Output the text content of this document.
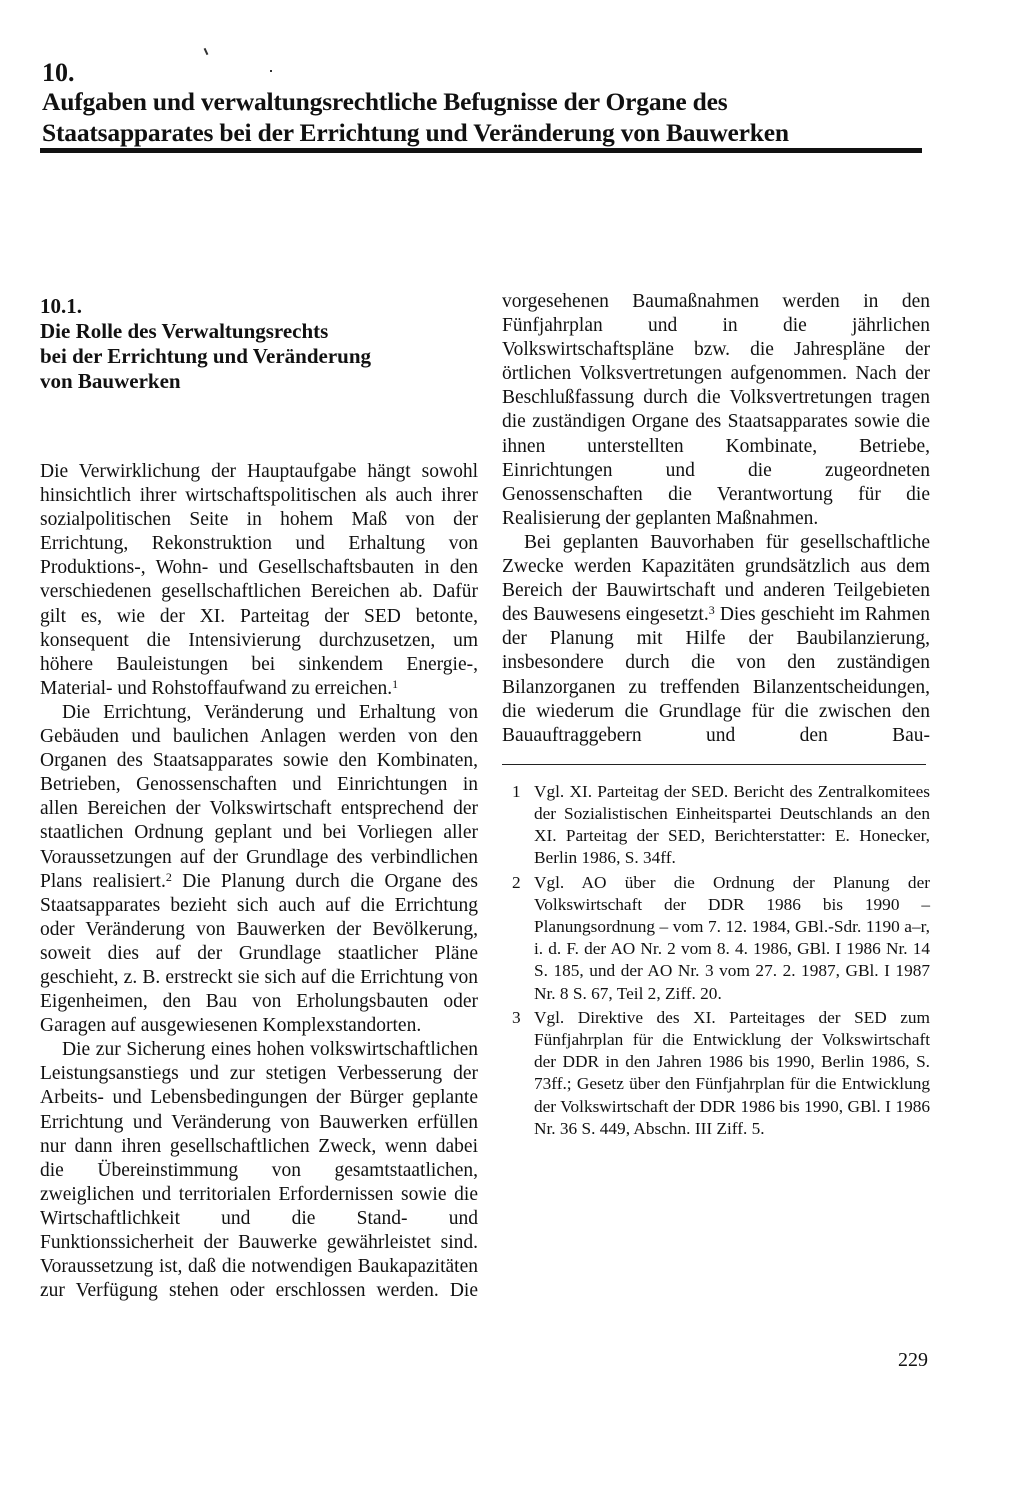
10.
Aufgaben und verwaltungsrechtliche Befugnisse der Organe des
Staatsapparates bei der Errichtung und Veränderung von Bauwerken
10.1.
Die Rolle des Verwaltungsrechts
bei der Errichtung und Veränderung
von Bauwerken

Die Verwirklichung der Hauptaufgabe hängt sowohl hinsichtlich ihrer wirtschaftspolitischen als auch ihrer sozialpolitischen Seite in hohem Maß von der Errichtung, Rekonstruktion und Erhaltung von Produktions-, Wohn- und Gesellschaftsbauten in den verschiedenen gesellschaftlichen Bereichen ab. Dafür gilt es, wie der XI. Parteitag der SED betonte, konsequent die Intensivierung durchzusetzen, um höhere Bauleistungen bei sinkendem Energie-, Material- und Rohstoffaufwand zu erreichen.$^1$

Die Errichtung, Veränderung und Erhaltung von Gebäuden und baulichen Anlagen werden von den Organen des Staatsapparates sowie den Kombinaten, Betrieben, Genossenschaften und Einrichtungen in allen Bereichen der Volkswirtschaft entsprechend der staatlichen Ordnung geplant und bei Vorliegen aller Voraussetzungen auf der Grundlage des verbindlichen Plans realisiert.$^2$ Die Planung durch die Organe des Staatsapparates bezieht sich auch auf die Errichtung oder Veränderung von Bauwerken der Bevölkerung, soweit dies auf der Grundlage staatlicher Pläne geschieht, z. B. erstreckt sie sich auf die Errichtung von Eigenheimen, den Bau von Erholungsbauten oder Garagen auf ausgewiesenen Komplexstandorten.

Die zur Sicherung eines hohen volkswirtschaftlichen Leistungsanstiegs und zur stetigen Verbesserung der Arbeits- und Lebensbedingungen der Bürger geplante Errichtung und Veränderung von Bauwerken erfüllen nur dann ihren gesellschaftlichen Zweck, wenn dabei die Übereinstimmung von gesamtstaatlichen, zweiglichen und territorialen Erfordernissen sowie die Wirtschaftlichkeit und die Stand- und Funktionssicherheit der Bauwerke gewährleistet sind. Voraussetzung ist, daß die notwendigen Baukapazitäten zur Verfügung stehen oder erschlossen werden. Die

vorgesehenen Baumaßnahmen werden in den Fünfjahrplan und in die jährlichen Volkswirtschaftspläne bzw. die Jahrespläne der örtlichen Volksvertretungen aufgenommen. Nach der Beschlußfassung durch die Volksvertretungen tragen die zuständigen Organe des Staatsapparates sowie die ihnen unterstellten Kombinate, Betriebe, Einrichtungen und die zugeordneten Genossenschaften die Verantwortung für die Realisierung der geplanten Maßnahmen.

Bei geplanten Bauvorhaben für gesellschaftliche Zwecke werden Kapazitäten grundsätzlich aus dem Bereich der Bauwirtschaft und anderen Teilgebieten des Bauwesens eingesetzt.$^3$ Dies geschieht im Rahmen der Planung mit Hilfe der Baubilanzierung, insbesondere durch die von den zuständigen Bilanzorganen zu treffenden Bilanzentscheidungen, die wiederum die Grundlage für die zwischen den Bauauftraggebern und den Bau-

1 Vgl. XI. Parteitag der SED. Bericht des Zentralkomitees der Sozialistischen Einheitspartei Deutschlands an den XI. Parteitag der SED, Berichterstatter: E. Honecker, Berlin 1986, S. 34ff.
2 Vgl. AO über die Ordnung der Planung der Volkswirtschaft der DDR 1986 bis 1990 – Planungsordnung – vom 7. 12. 1984, GBl.-Sdr. 1190 a–r, i. d. F. der AO Nr. 2 vom 8. 4. 1986, GBl. I 1986 Nr. 14 S. 185, und der AO Nr. 3 vom 27. 2. 1987, GBl. I 1987 Nr. 8 S. 67, Teil 2, Ziff. 20.
3 Vgl. Direktive des XI. Parteitages der SED zum Fünfjahrplan für die Entwicklung der Volkswirtschaft der DDR in den Jahren 1986 bis 1990, Berlin 1986, S. 73ff.; Gesetz über den Fünfjahrplan für die Entwicklung der Volkswirtschaft der DDR 1986 bis 1990, GBl. I 1986 Nr. 36 S. 449, Abschn. III Ziff. 5.
229
